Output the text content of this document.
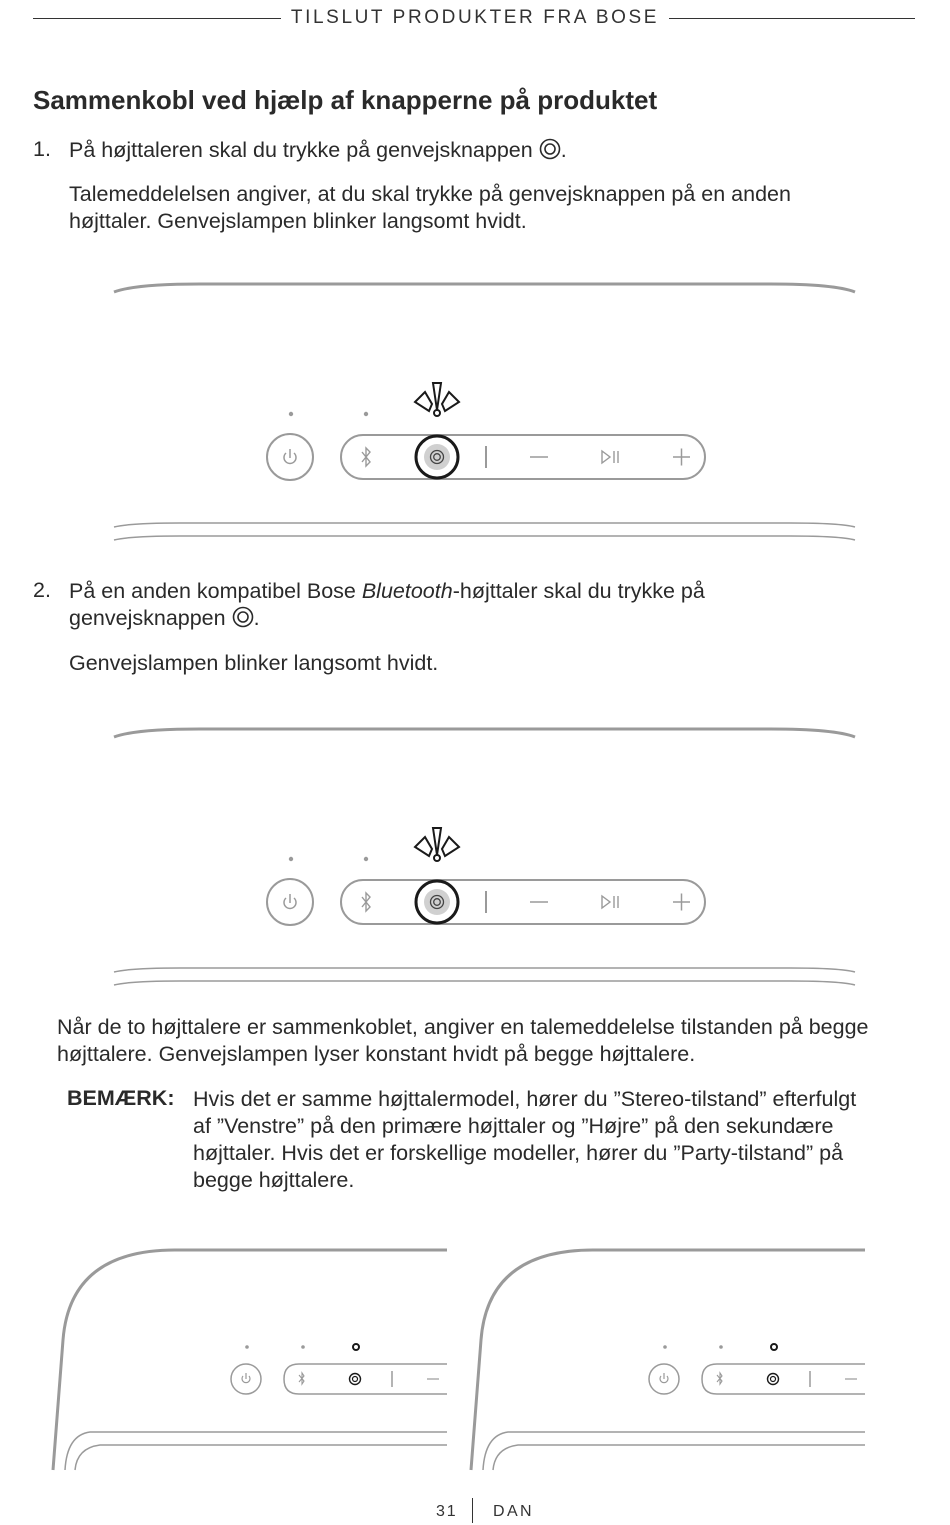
TILSLUT PRODUKTER FRA BOSE
Sammenkobl ved hjælp af knapperne på produktet
1. På højttaleren skal du trykke på genvejsknappen .
Talemeddelelsen angiver, at du skal trykke på genvejsknappen på en anden højttaler. Genvejslampen blinker langsomt hvidt.
2. På en anden kompatibel Bose Bluetooth-højttaler skal du trykke på genvejsknappen .
Genvejslampen blinker langsomt hvidt.
Når de to højttalere er sammenkoblet, angiver en talemeddelelse tilstanden på begge højttalere. Genvejslampen lyser konstant hvidt på begge højttalere.
BEMÆRK: Hvis det er samme højttalermodel, hører du ”Stereo-tilstand” efterfulgt af ”Venstre” på den primære højttaler og ”Højre” på den sekundære højttaler. Hvis det er forskellige modeller, hører du ”Party-tilstand” på begge højttalere.
31 DAN
